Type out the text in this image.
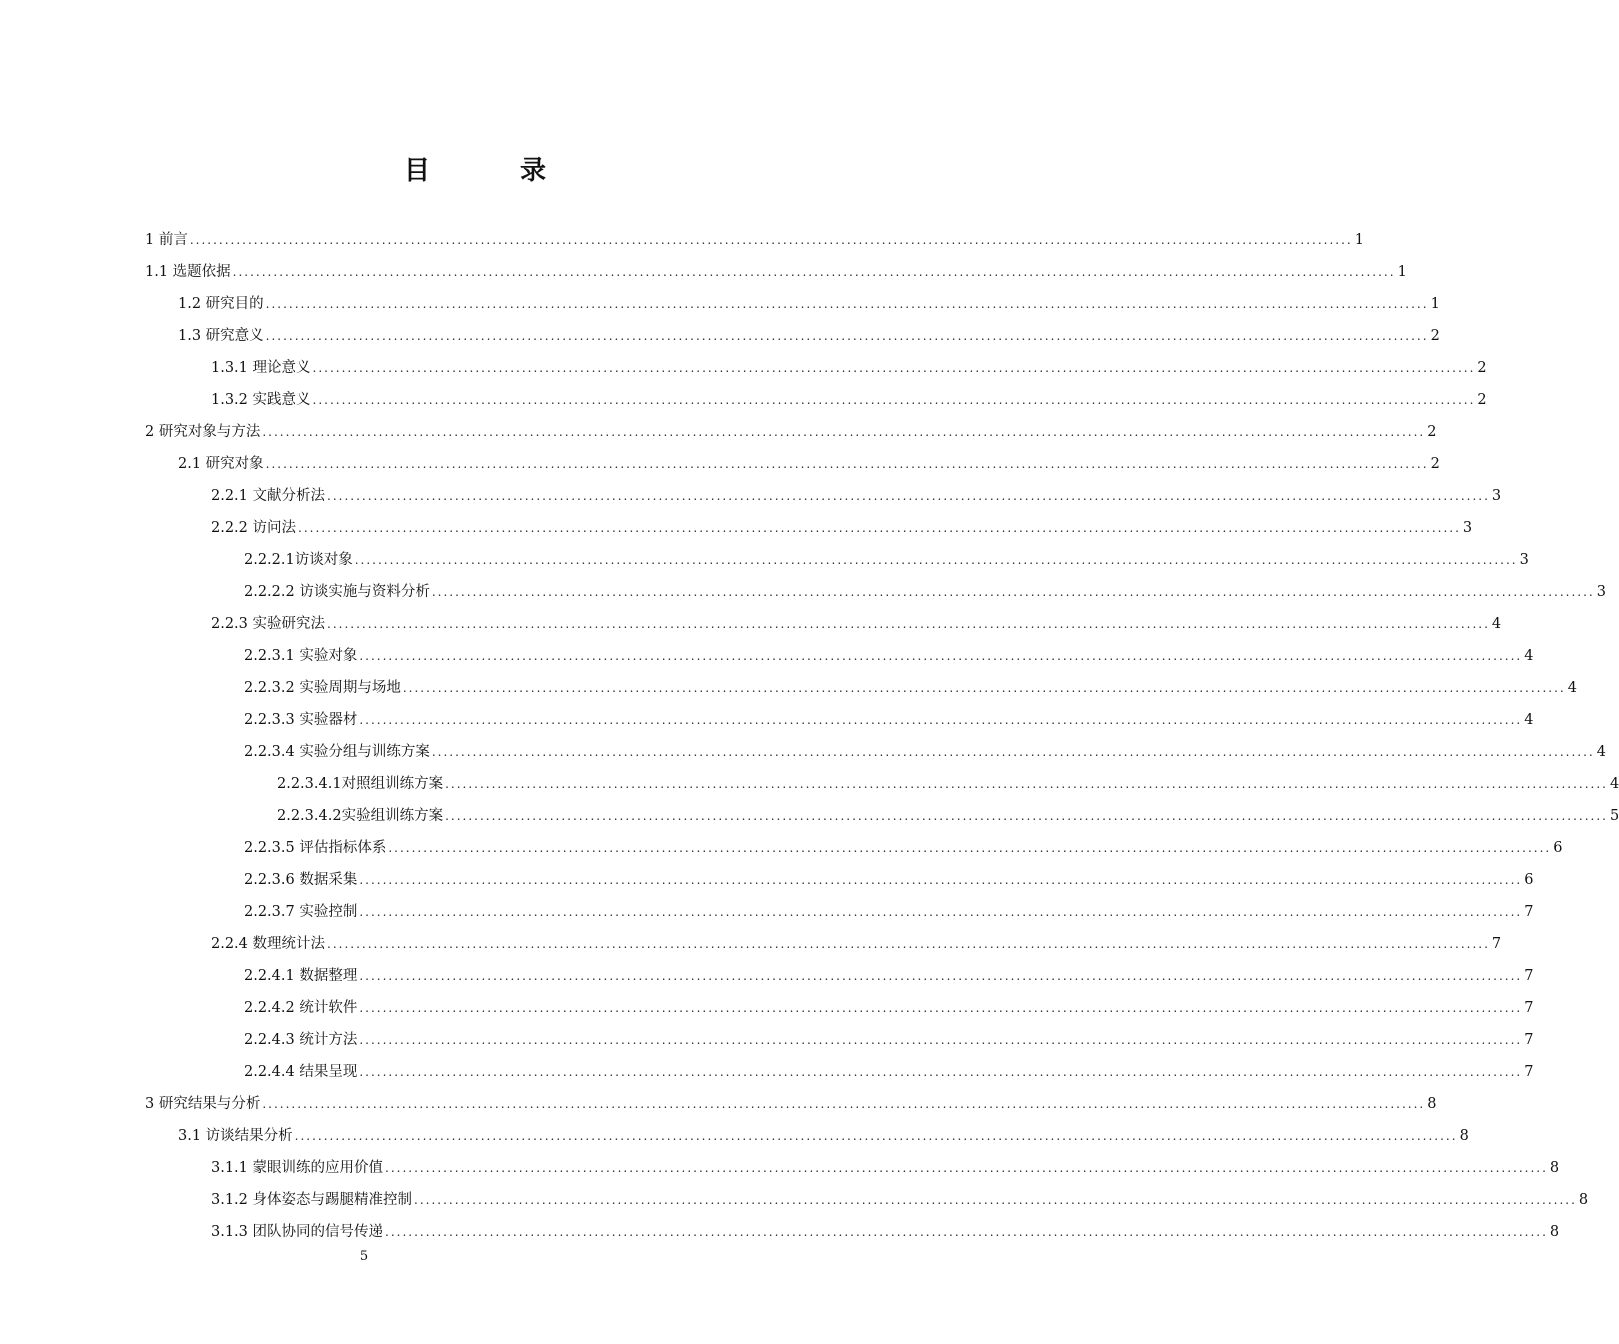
目　录
1 前言 ........................................................................................................................................................................................................ 1
1.1 选题依据 ........................................................................................................................................................................................................ 1
1.2 研究目的 ........................................................................................................................................................................................................ 1
1.3 研究意义 ........................................................................................................................................................................................................ 2
1.3.1 理论意义 ........................................................................................................................................................................................................ 2
1.3.2 实践意义 ........................................................................................................................................................................................................ 2
2 研究对象与方法 ........................................................................................................................................................................................................ 2
2.1 研究对象 ........................................................................................................................................................................................................ 2
2.2.1 文献分析法 ........................................................................................................................................................................................................ 3
2.2.2 访问法 ........................................................................................................................................................................................................ 3
2.2.2.1访谈对象 ........................................................................................................................................................................................................ 3
2.2.2.2 访谈实施与资料分析 ........................................................................................................................................................................................................ 3
2.2.3 实验研究法 ........................................................................................................................................................................................................ 4
2.2.3.1 实验对象 ........................................................................................................................................................................................................ 4
2.2.3.2 实验周期与场地 ........................................................................................................................................................................................................ 4
2.2.3.3 实验器材 ........................................................................................................................................................................................................ 4
2.2.3.4 实验分组与训练方案 ........................................................................................................................................................................................................ 4
2.2.3.4.1对照组训练方案 ........................................................................................................................................................................................................ 4
2.2.3.4.2实验组训练方案 ........................................................................................................................................................................................................ 5
2.2.3.5 评估指标体系 ........................................................................................................................................................................................................ 6
2.2.3.6 数据采集 ........................................................................................................................................................................................................ 6
2.2.3.7 实验控制 ........................................................................................................................................................................................................ 7
2.2.4 数理统计法 ........................................................................................................................................................................................................ 7
2.2.4.1 数据整理 ........................................................................................................................................................................................................ 7
2.2.4.2 统计软件 ........................................................................................................................................................................................................ 7
2.2.4.3 统计方法 ........................................................................................................................................................................................................ 7
2.2.4.4 结果呈现 ........................................................................................................................................................................................................ 7
3 研究结果与分析 ........................................................................................................................................................................................................ 8
3.1 访谈结果分析 ........................................................................................................................................................................................................ 8
3.1.1 蒙眼训练的应用价值 ........................................................................................................................................................................................................ 8
3.1.2 身体姿态与踢腿精准控制 ........................................................................................................................................................................................................ 8
3.1.3 团队协同的信号传递 ........................................................................................................................................................................................................ 8
5
